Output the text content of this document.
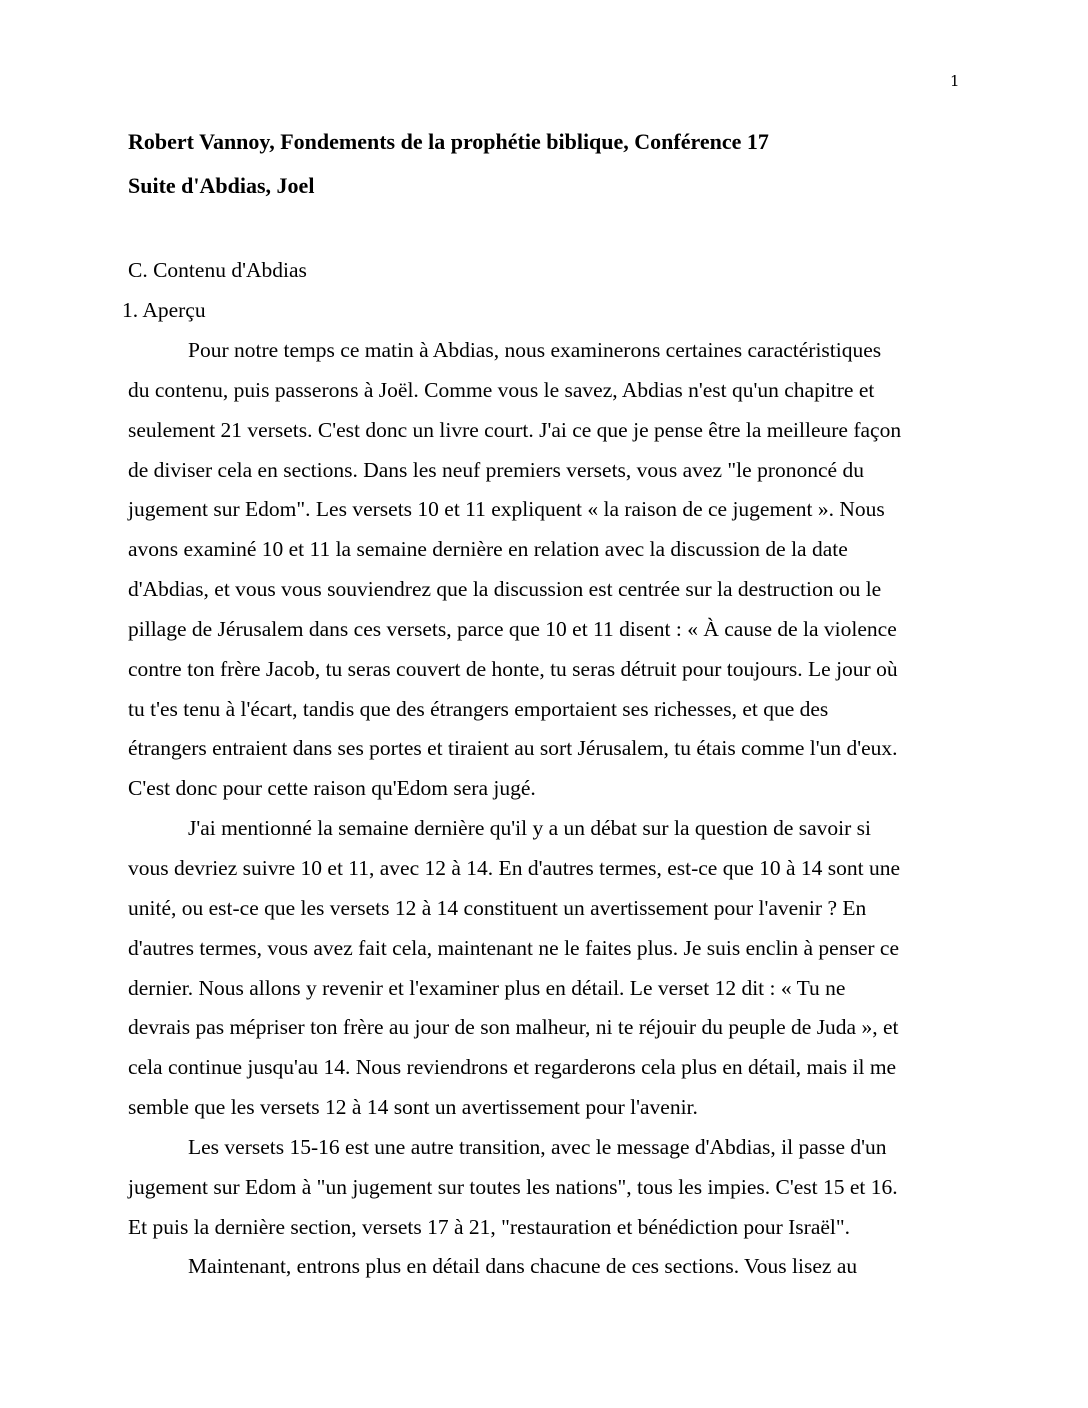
1
Robert Vannoy, Fondements de la prophétie biblique, Conférence 17
Suite d'Abdias, Joel
C. Contenu d'Abdias
1. Aperçu
Pour notre temps ce matin à Abdias, nous examinerons certaines caractéristiques
du contenu, puis passerons à Joël. Comme vous le savez, Abdias n'est qu'un chapitre et
seulement 21 versets. C'est donc un livre court. J'ai ce que je pense être la meilleure façon
de diviser cela en sections. Dans les neuf premiers versets, vous avez "le prononcé du
jugement sur Edom". Les versets 10 et 11 expliquent « la raison de ce jugement ». Nous
avons examiné 10 et 11 la semaine dernière en relation avec la discussion de la date
d'Abdias, et vous vous souviendrez que la discussion est centrée sur la destruction ou le
pillage de Jérusalem dans ces versets, parce que 10 et 11 disent : « À cause de la violence
contre ton frère Jacob, tu seras couvert de honte, tu seras détruit pour toujours. Le jour où
tu t'es tenu à l'écart, tandis que des étrangers emportaient ses richesses, et que des
étrangers entraient dans ses portes et tiraient au sort Jérusalem, tu étais comme l'un d'eux.
C'est donc pour cette raison qu'Edom sera jugé.
J'ai mentionné la semaine dernière qu'il y a un débat sur la question de savoir si
vous devriez suivre 10 et 11, avec 12 à 14. En d'autres termes, est-ce que 10 à 14 sont une
unité, ou est-ce que les versets 12 à 14 constituent un avertissement pour l'avenir ? En
d'autres termes, vous avez fait cela, maintenant ne le faites plus. Je suis enclin à penser ce
dernier. Nous allons y revenir et l'examiner plus en détail. Le verset 12 dit : « Tu ne
devrais pas mépriser ton frère au jour de son malheur, ni te réjouir du peuple de Juda », et
cela continue jusqu'au 14. Nous reviendrons et regarderons cela plus en détail, mais il me
semble que les versets 12 à 14 sont un avertissement pour l'avenir.
Les versets 15-16 est une autre transition, avec le message d'Abdias, il passe d'un
jugement sur Edom à "un jugement sur toutes les nations", tous les impies. C'est 15 et 16.
Et puis la dernière section, versets 17 à 21, "restauration et bénédiction pour Israël".
Maintenant, entrons plus en détail dans chacune de ces sections. Vous lisez au
